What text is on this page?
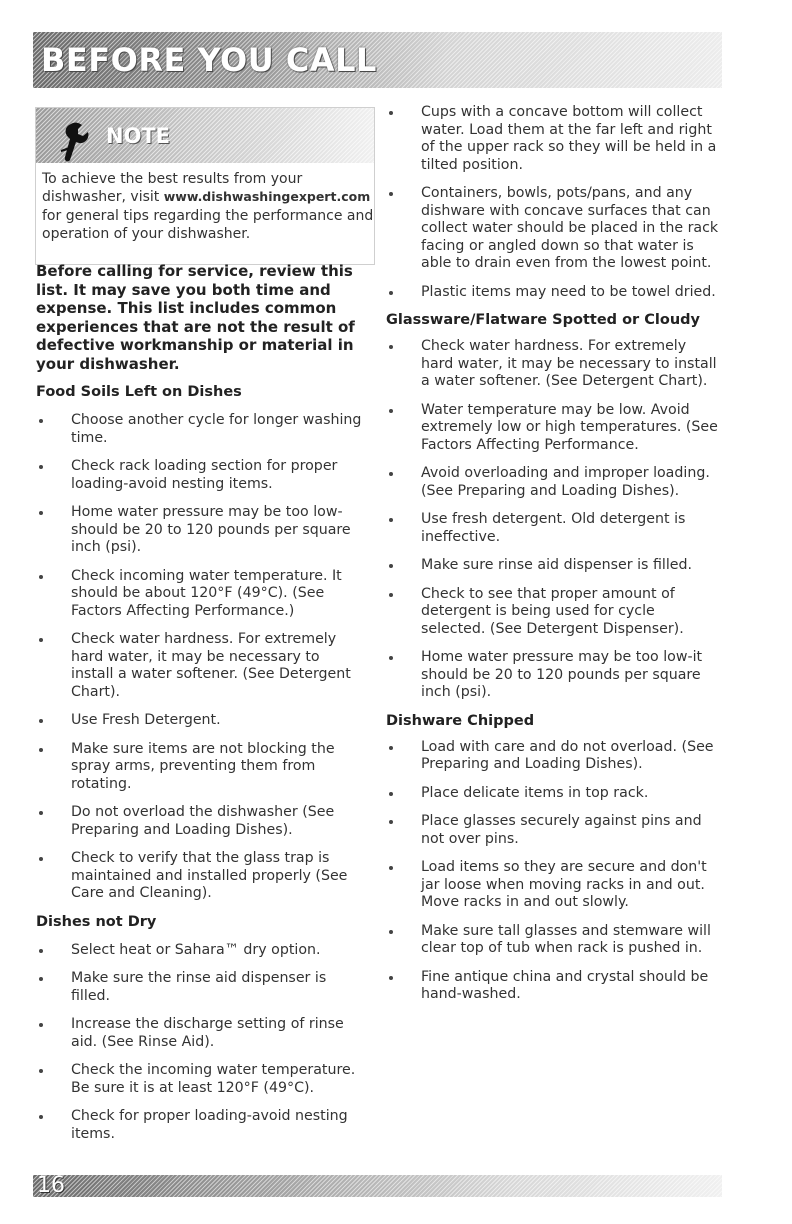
BEFORE YOU CALL
NOTE

To achieve the best results from your dishwasher, visit www.dishwashingexpert.com for general tips regarding the performance and operation of your dishwasher.

Before calling for service, review this list. It may save you both time and expense. This list includes common experiences that are not the result of defective workmanship or material in your dishwasher.
Food Soils Left on Dishes
Choose another cycle for longer washing time.
Check rack loading section for proper loading-avoid nesting items.
Home water pressure may be too low-should be 20 to 120 pounds per square inch (psi).
Check incoming water temperature. It should be about 120°F (49°C). (See Factors Affecting Performance.)
Check water hardness. For extremely hard water, it may be necessary to install a water softener. (See Detergent Chart).
Use Fresh Detergent.
Make sure items are not blocking the spray arms, preventing them from rotating.
Do not overload the dishwasher (See Preparing and Loading Dishes).
Check to verify that the glass trap is maintained and installed properly (See Care and Cleaning).
Dishes not Dry
Select heat or Sahara™ dry option.
Make sure the rinse aid dispenser is filled.
Increase the discharge setting of rinse aid. (See Rinse Aid).
Check the incoming water temperature. Be sure it is at least 120°F (49°C).
Check for proper loading-avoid nesting items.
Cups with a concave bottom will collect water. Load them at the far left and right of the upper rack so they will be held in a tilted position.
Containers, bowls, pots/pans, and any dishware with concave surfaces that can collect water should be placed in the rack facing or angled down so that water is able to drain even from the lowest point.
Plastic items may need to be towel dried.
Glassware/Flatware Spotted or Cloudy
Check water hardness. For extremely hard water, it may be necessary to install a water softener. (See Detergent Chart).
Water temperature may be low. Avoid extremely low or high temperatures. (See Factors Affecting Performance.
Avoid overloading and improper loading. (See Preparing and Loading Dishes).
Use fresh detergent. Old detergent is ineffective.
Make sure rinse aid dispenser is filled.
Check to see that proper amount of detergent is being used for cycle selected. (See Detergent Dispenser).
Home water pressure may be too low-it should be 20 to 120 pounds per square inch (psi).
Dishware Chipped
Load with care and do not overload. (See Preparing and Loading Dishes).
Place delicate items in top rack.
Place glasses securely against pins and not over pins.
Load items so they are secure and don't jar loose when moving racks in and out. Move racks in and out slowly.
Make sure tall glasses and stemware will clear top of tub when rack is pushed in.
Fine antique china and crystal should be hand-washed.
16
